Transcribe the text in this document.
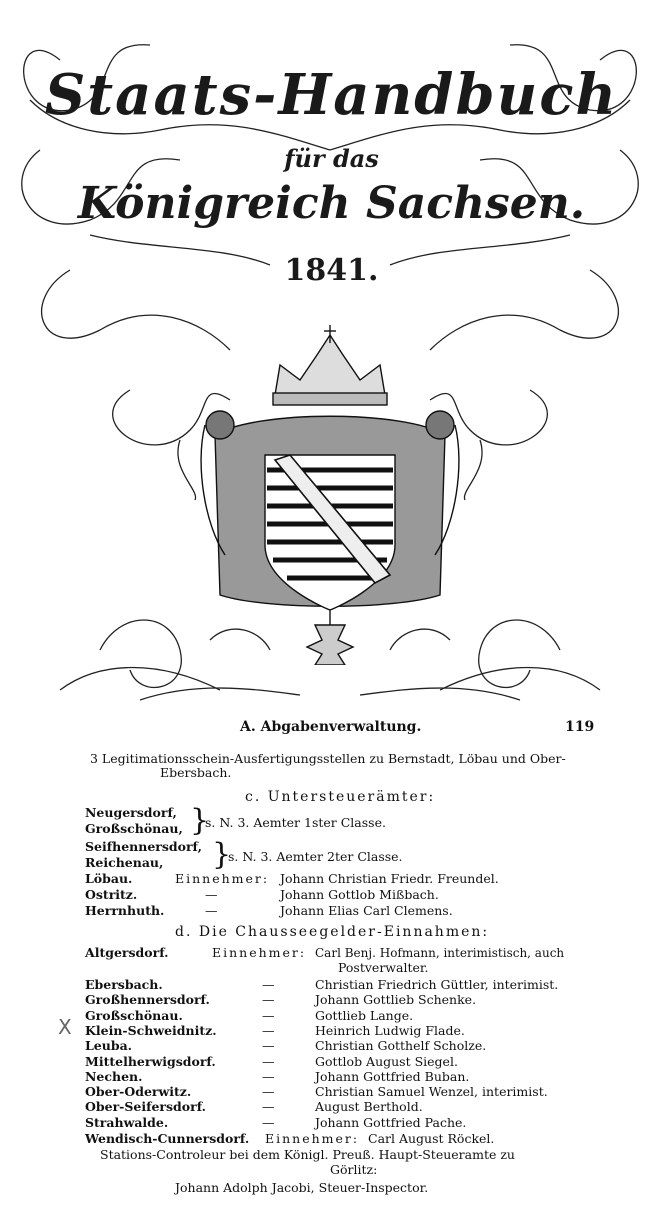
Staats-Handbuch
für das
Königreich Sachsen.
1841.
A. Abgabenverwaltung.	119
3 Legitimationsschein-Ausfertigungsstellen zu Bernstadt, Löbau und Ober-
Ebersbach.
c. Untersteuerämter:
Neugersdorf,
Großschönau, }
s. N. 3. Aemter 1ster Classe.
Seifhennersdorf,
Reichenau, }
s. N. 3. Aemter 2ter Classe.
Löbau.	Einnehmer: Johann Christian Friedr. Freundel.
Ostritz.	—	Johann Gottlob Mißbach.
Herrnhuth.	—	Johann Elias Carl Clemens.
d. Die Chausseegelder-Einnahmen:
Altgersdorf.	Einnehmer: Carl Benj. Hofmann, interimistisch, auch
Postverwalter.
Ebersbach.	—	Christian Friedrich Güttler, interimist.
Großhennersdorf.	—	Johann Gottlieb Schenke.
Großschönau.	—	Gottlieb Lange.
Klein-Schweidnitz.	—	Heinrich Ludwig Flade.
Leuba.	—	Christian Gotthelf Scholze.
Mittelherwigsdorf.	—	Gottlob August Siegel.
Nechen.	—	Johann Gottfried Buban.
Ober-Oderwitz.	—	Christian Samuel Wenzel, interimist.
Ober-Seifersdorf.	—	August Berthold.
Strahwalde.	—	Johann Gottfried Pache.
Wendisch-Cunnersdorf. Einnehmer: Carl August Röckel.
Stations-Controleur bei dem Königl. Preuß. Haupt-Steueramte zu
Görlitz:
Johann Adolph Jacobi, Steuer-Inspector.
X
